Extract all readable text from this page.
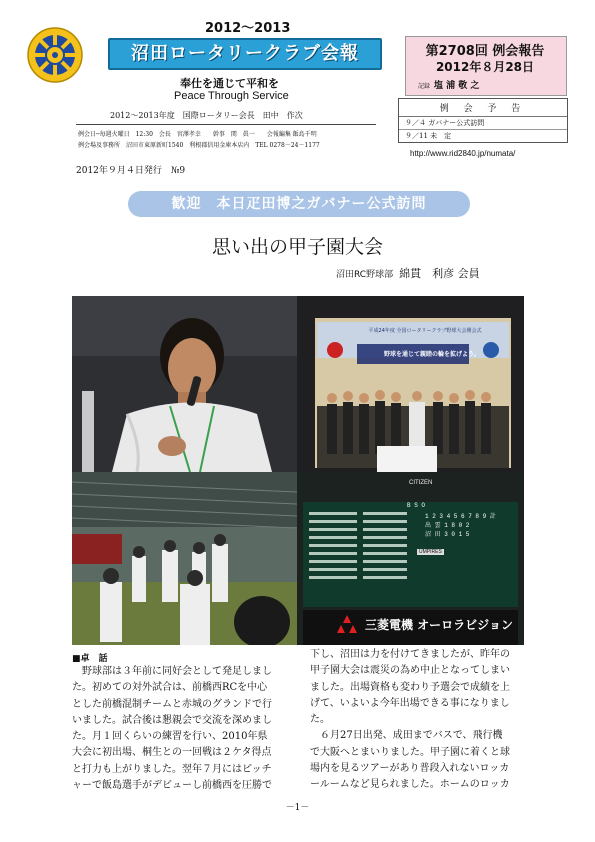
2012～2013
沼田ロータリークラブ会報
奉仕を通じて平和を
Peace Through Service
2012～2013年度　国際ロータリー会長　田中　作次
例会日─毎週火曜日　12:30　会長　宮澤孝幸　　幹事　関　眞一　　会報編集 飯島千明
例会場及事務所　沼田市東原新町1540　利根郡信用金庫本店内　TEL 0278－24－1177
第2708回 例会報告
2012年８月28日
記録 塩 浦 敬 之
例 会 予 告
９／４ ガバナー公式訪問
９／11 未　定
http://www.rid2840.jp/numata/
2012年９月４日発行　№9
歓迎　本日疋田博之ガバナー公式訪問
思い出の甲子園大会
沼田RC野球部 綿貫　利彦 会員
平成24年度 全国ロータリークラブ野球大会開会式
野球を通じて親睦の輪を拡げよう。
CITIZEN
B S O
1 2 3 4 5 6 7 8 9 計
出 雲 1 8 0 2
沼 田 3 0 1 5
UMPIRES
三菱電機 オーロラビジョン
■卓　話
　野球部は３年前に同好会として発足しまし
た。初めての対外試合は、前橋西RCを中心
とした前橋混制チームと赤城のグランドで行
いました。試合後は懇親会で交流を深めまし
た。月１回くらいの練習を行い、2010年県
大会に初出場、桐生との一回戦は２ケタ得点
と打力も上がりました。翌年７月にはピッチ
ャーで飯島選手がデビューし前橋西を圧勝で
下し、沼田は力を付けてきましたが、昨年の
甲子園大会は震災の為め中止となってしまい
ました。出場資格も変わり予選会で成績を上
げて、いよいよ今年出場できる事になりまし
た。
　６月27日出発、成田までバスで、飛行機
で大阪へとまいりました。甲子園に着くと球
場内を見るツアーがあり普段入れないロッカ
ールームなど見られました。ホームのロッカ
－1－
